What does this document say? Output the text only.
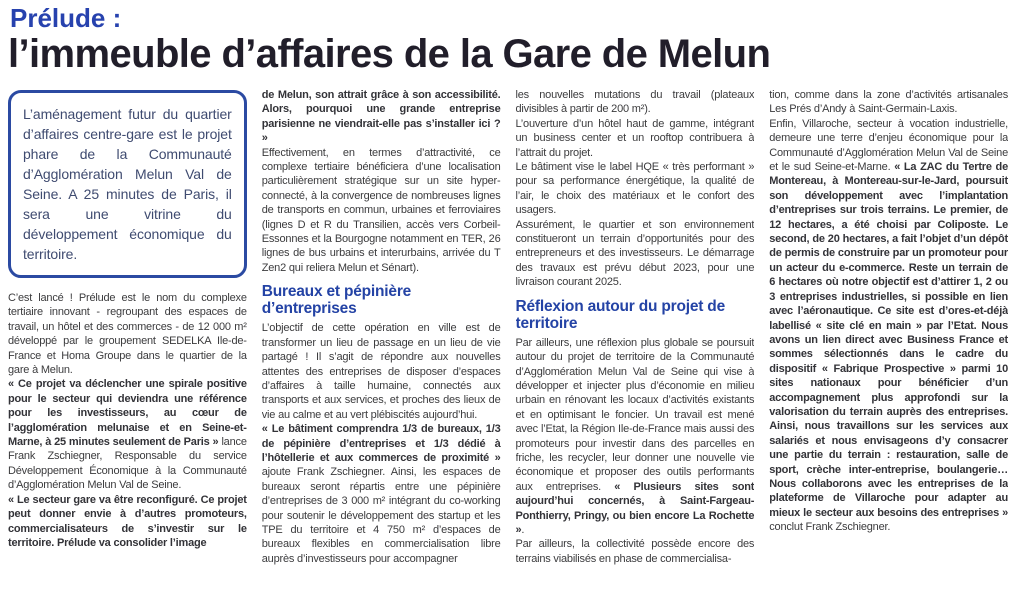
Prélude :
l’immeuble d’affaires de la Gare de Melun
L’aménagement futur du quartier d’affaires centre-gare est le projet phare de la Communauté d’Agglomération Melun Val de Seine. A 25 minutes de Paris, il sera une vitrine du développement économique du territoire.

C’est lancé ! Prélude est le nom du complexe tertiaire innovant - regroupant des espaces de travail, un hôtel et des commerces - de 12 000 m² développé par le groupement SEDELKA Ile-de-France et Homa Groupe dans le quartier de la gare à Melun.

« Ce projet va déclencher une spirale positive pour le secteur qui deviendra une référence pour les investisseurs, au cœur de l’agglomération melunaise et en Seine-et-Marne, à 25 minutes seulement de Paris » lance Frank Zschiegner, Responsable du service Développement Économique à la Communauté d’Agglomération Melun Val de Seine.

« Le secteur gare va être reconfiguré. Ce projet peut donner envie à d’autres promoteurs, commercialisateurs de s’investir sur le territoire. Prélude va consolider l’image

de Melun, son attrait grâce à son accessibilité. Alors, pourquoi une grande entreprise parisienne ne viendrait-elle pas s’installer ici ? »

Effectivement, en termes d’attractivité, ce complexe tertiaire bénéficiera d’une localisation particulièrement stratégique sur un site hyper-connecté, à la convergence de nombreuses lignes de transports en commun, urbaines et ferroviaires (lignes D et R du Transilien, accès vers Corbeil-Essonnes et la Bourgogne notamment en TER, 26 lignes de bus urbains et interurbains, arrivée du T Zen2 qui reliera Melun et Sénart).

Bureaux et pépinière d’entreprises

L’objectif de cette opération en ville est de transformer un lieu de passage en un lieu de vie partagé ! Il s’agit de répondre aux nouvelles attentes des entreprises de disposer d’espaces d’affaires à taille humaine, connectés aux transports et aux services, et proches des lieux de vie au calme et au vert plébiscités aujourd’hui.

« Le bâtiment comprendra 1/3 de bureaux, 1/3 de pépinière d’entreprises et 1/3 dédié à l’hôtellerie et aux commerces de proximité » ajoute Frank Zschiegner. Ainsi, les espaces de bureaux seront répartis entre une pépinière d’entreprises de 3 000 m² intégrant du co-working pour soutenir le développement des startup et les TPE du territoire et 4 750 m² d’espaces de bureaux flexibles en commercialisation libre auprès d’investisseurs pour accompagner

les nouvelles mutations du travail (plateaux divisibles à partir de 200 m²).

L’ouverture d’un hôtel haut de gamme, intégrant un business center et un rooftop contribuera à l’attrait du projet.

Le bâtiment vise le label HQE « très performant » pour sa performance énergétique, la qualité de l’air, le choix des matériaux et le confort des usagers.

Assurément, le quartier et son environnement constitueront un terrain d’opportunités pour des entrepreneurs et des investisseurs. Le démarrage des travaux est prévu début 2023, pour une livraison courant 2025.

Réflexion autour du projet de territoire

Par ailleurs, une réflexion plus globale se poursuit autour du projet de territoire de la Communauté d’Agglomération Melun Val de Seine qui vise à développer et injecter plus d’économie en milieu urbain en rénovant les locaux d’activités existants et en optimisant le foncier. Un travail est mené avec l’Etat, la Région Ile-de-France mais aussi des promoteurs pour investir dans des parcelles en friche, les recycler, leur donner une nouvelle vie économique et proposer des outils performants aux entreprises. « Plusieurs sites sont aujourd’hui concernés, à Saint-Fargeau-Ponthierry, Pringy, ou bien encore La Rochette ».

Par ailleurs, la collectivité possède encore des terrains viabilisés en phase de commercialisa-

tion, comme dans la zone d’activités artisanales Les Prés d’Andy à Saint-Germain-Laxis.

Enfin, Villaroche, secteur à vocation industrielle, demeure une terre d’enjeu économique pour la Communauté d’Agglomération Melun Val de Seine et le sud Seine-et-Marne. « La ZAC du Tertre de Montereau, à Montereau-sur-le-Jard, poursuit son développement avec l’implantation d’entreprises sur trois terrains. Le premier, de 12 hectares, a été choisi par Coliposte. Le second, de 20 hectares, a fait l’objet d’un dépôt de permis de construire par un promoteur pour un acteur du e-commerce. Reste un terrain de 6 hectares où notre objectif est d’attirer 1, 2 ou 3 entreprises industrielles, si possible en lien avec l’aéronautique. Ce site est d’ores-et-déjà labellisé « site clé en main » par l’Etat. Nous avons un lien direct avec Business France et sommes sélectionnés dans le cadre du dispositif « Fabrique Prospective » parmi 10 sites nationaux pour bénéficier d’un accompagnement plus approfondi sur la valorisation du terrain auprès des entreprises. Ainsi, nous travaillons sur les services aux salariés et nous envisageons d’y consacrer une partie du terrain : restauration, salle de sport, crèche inter-entreprise, boulangerie… Nous collaborons avec les entreprises de la plateforme de Villaroche pour adapter au mieux le secteur aux besoins des entreprises » conclut Frank Zschiegner.
